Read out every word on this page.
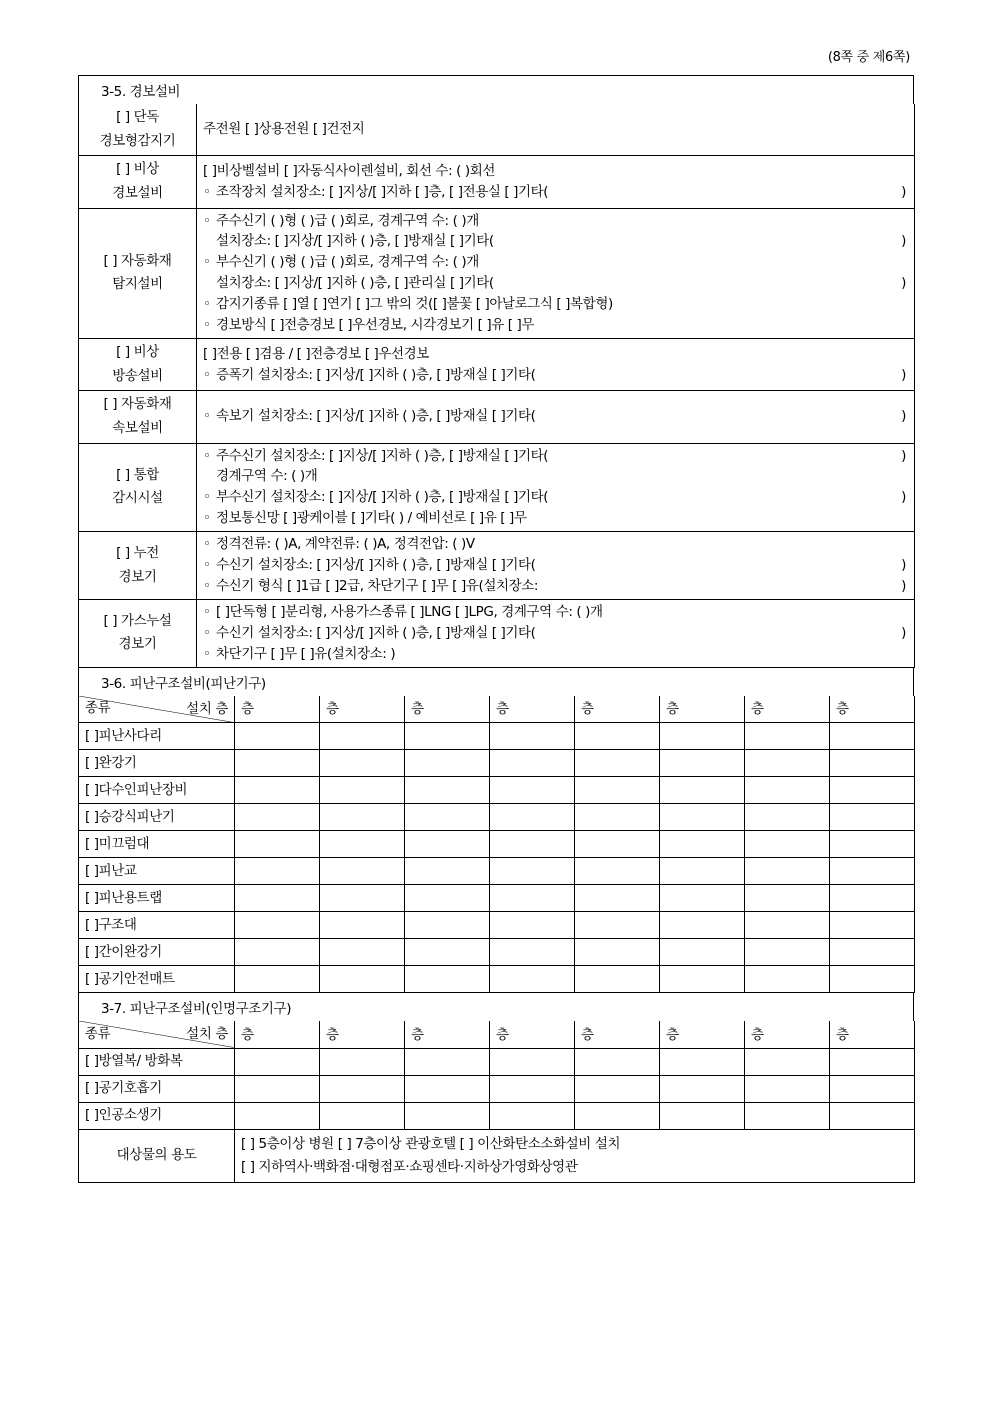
(8쪽 중 제6쪽)
3-5. 경보설비
[ ] 단독
경보형감지기	주전원 [ ]상용전원 [ ]건전지

[ ] 비상
경보설비	[ ]비상벨설비 [ ]자동식사이렌설비, 회선 수: ( )회선
◦ 조작장치 설치장소: [ ]지상/[ ]지하 [ ]층, [ ]전용실 [ ]기타( )

[ ] 자동화재
탐지설비	
◦ 주수신기 ( )형 ( )급 ( )회로, 경계구역 수: ( )개
설치장소: [ ]지상/[ ]지하 ( )층, [ ]방재실 [ ]기타(	)
◦ 부수신기 ( )형 ( )급 ( )회로, 경계구역 수: ( )개
설치장소: [ ]지상/[ ]지하 ( )층, [ ]관리실 [ ]기타(	)
◦ 감지기종류 [ ]열 [ ]연기 [ ]그 밖의 것([ ]불꽃 [ ]아날로그식 [ ]복합형)
◦ 경보방식 [ ]전층경보 [ ]우선경보, 시각경보기 [ ]유 [ ]무

[ ] 비상
방송설비	[ ]전용 [ ]겸용 / [ ]전층경보 [ ]우선경보
◦ 증폭기 설치장소: [ ]지상/[ ]지하 ( )층, [ ]방재실 [ ]기타( )

[ ] 자동화재
속보설비	◦ 속보기 설치장소: [ ]지상/[ ]지하 ( )층, [ ]방재실 [ ]기타( )

[ ] 통합
감시시설	
◦ 주수신기 설치장소: [ ]지상/[ ]지하 ( )층, [ ]방재실 [ ]기타(	)
경계구역 수: ( )개
◦ 부수신기 설치장소: [ ]지상/[ ]지하 ( )층, [ ]방재실 [ ]기타(	)
◦ 정보통신망 [ ]광케이블 [ ]기타( ) / 예비선로 [ ]유 [ ]무

[ ] 누전
경보기	◦ 정격전류: ( )A, 계약전류: ( )A, 정격전압: ( )V
◦ 수신기 설치장소: [ ]지상/[ ]지하 ( )층, [ ]방재실 [ ]기타( )
◦ 수신기 형식 [ ]1급 [ ]2급, 차단기구 [ ]무 [ ]유(설치장소: )

[ ] 가스누설
경보기	◦ [ ]단독형 [ ]분리형, 사용가스종류 [ ]LNG [ ]LPG, 경계구역 수: ( )개
◦ 수신기 설치장소: [ ]지상/[ ]지하 ( )층, [ ]방재실 [ ]기타( )
◦ 차단기구 [ ]무 [ ]유(설치장소: )
3-6. 피난구조설비(피난기구)
설치 층
종류	층	층	층	층	층	층	층	층
[ ]피난사다리								
[ ]완강기								
[ ]다수인피난장비								
[ ]승강식피난기								
[ ]미끄럼대								
[ ]피난교								
[ ]피난용트랩								
[ ]구조대								
[ ]간이완강기								
[ ]공기안전매트								
3-7. 피난구조설비(인명구조기구)
설치 층
종류	층	층	층	층	층	층	층	층
[ ]방열복/ 방화복								
[ ]공기호흡기								
[ ]인공소생기								
대상물의 용도	[ ] 5층이상 병원 [ ] 7층이상 관광호텔 [ ] 이산화탄소소화설비 설치
[ ] 지하역사·백화점·대형점포·쇼핑센타·지하상가영화상영관							
